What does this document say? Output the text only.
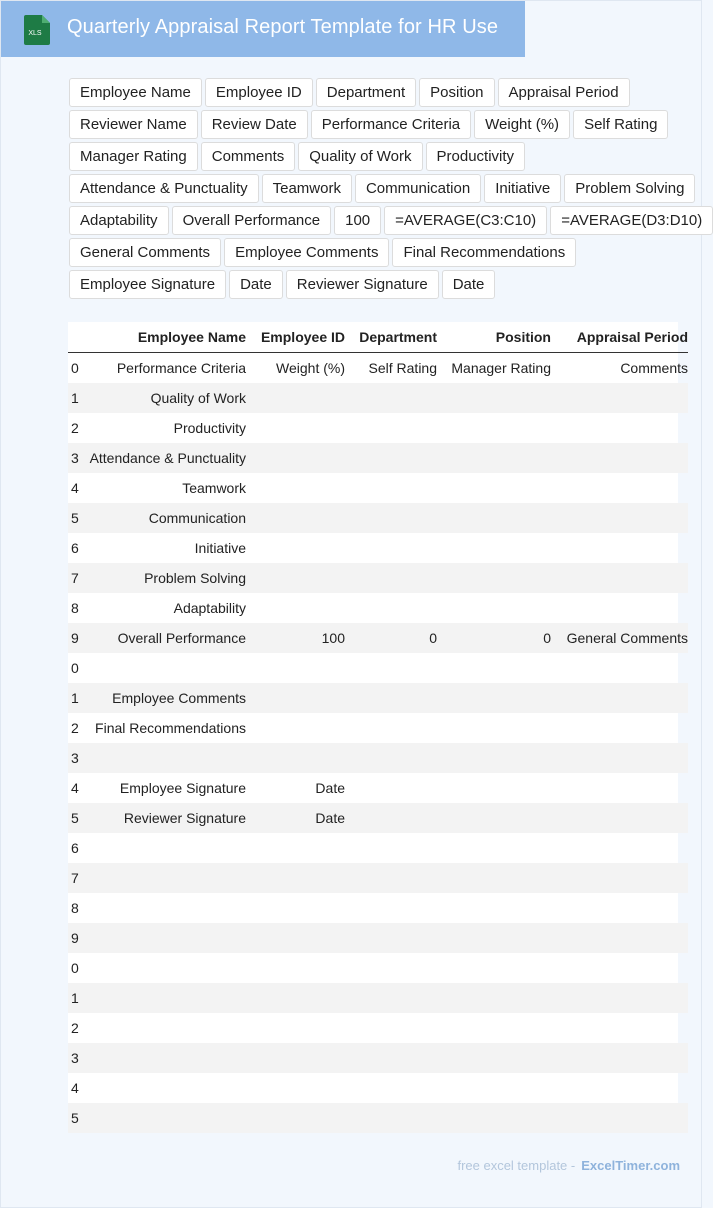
XLS Quarterly Appraisal Report Template for HR Use
Employee Name	Employee ID	Department	Position	Appraisal Period
Reviewer Name	Review Date	Performance Criteria	Weight (%)	Self Rating
Manager Rating	Comments	Quality of Work	Productivity
Attendance & Punctuality	Teamwork	Communication	Initiative	Problem Solving
Adaptability	Overall Performance	100	=AVERAGE(C3:C10)	=AVERAGE(D3:D10)
General Comments	Employee Comments	Final Recommendations
Employee Signature	Date	Reviewer Signature	Date
	Employee Name	Employee ID	Department	Position	Appraisal Period
0	Performance Criteria	Weight (%)	Self Rating	Manager Rating	Comments
1	Quality of Work				
2	Productivity				
3	Attendance & Punctuality				
4	Teamwork				
5	Communication				
6	Initiative				
7	Problem Solving				
8	Adaptability				
9	Overall Performance	100	0	0	General Comments
0					
1	Employee Comments				
2	Final Recommendations				
3					
4	Employee Signature	Date			
5	Reviewer Signature	Date			
6					
7					
8					
9					
0					
1					
2					
3					
4					
5					
free excel template - ExcelTimer.com
